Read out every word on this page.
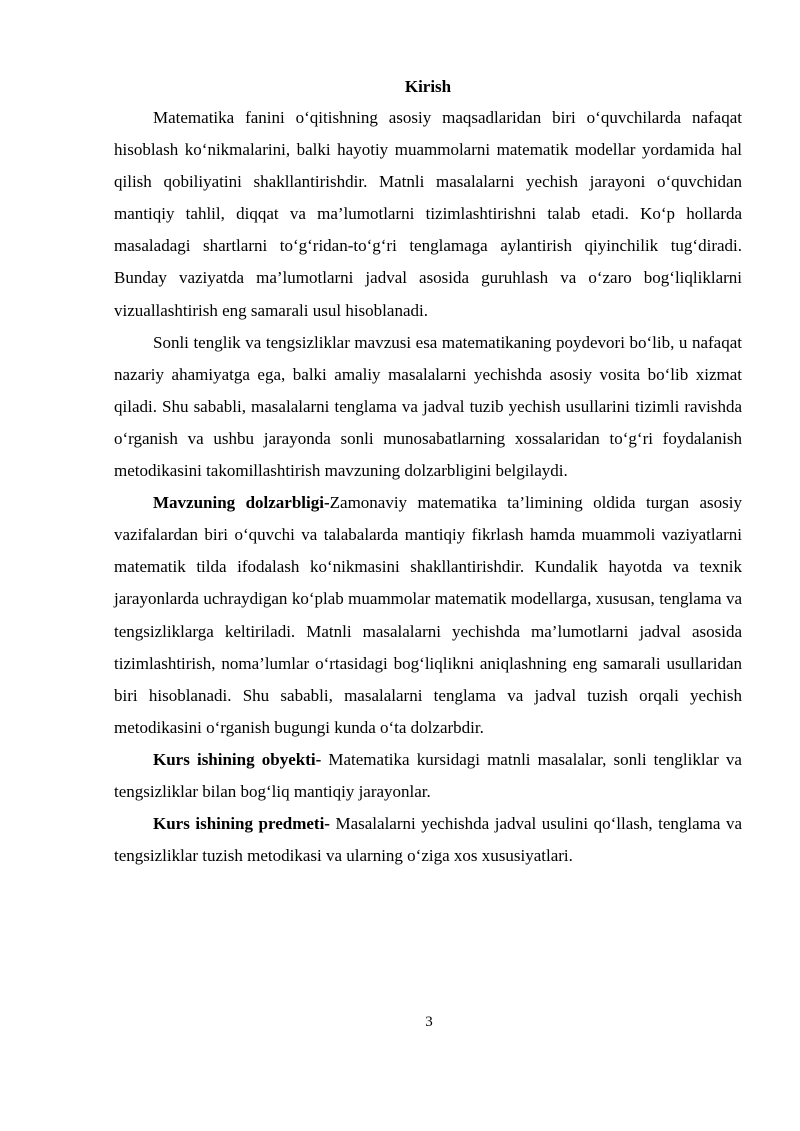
Kirish

Matematika fanini o‘qitishning asosiy maqsadlaridan biri o‘quvchilarda nafaqat hisoblash ko‘nikmalarini, balki hayotiy muammolarni matematik modellar yordamida hal qilish qobiliyatini shakllantirishdir. Matnli masalalarni yechish jarayoni o‘quvchidan mantiqiy tahlil, diqqat va ma’lumotlarni tizimlashtirishni talab etadi. Ko‘p hollarda masaladagi shartlarni to‘g‘ridan-to‘g‘ri tenglamaga aylantirish qiyinchilik tug‘diradi. Bunday vaziyatda ma’lumotlarni jadval asosida guruhlash va o‘zaro bog‘liqliklarni vizuallashtirish eng samarali usul hisoblanadi.

Sonli tenglik va tengsizliklar mavzusi esa matematikaning poydevori bo‘lib, u nafaqat nazariy ahamiyatga ega, balki amaliy masalalarni yechishda asosiy vosita bo‘lib xizmat qiladi. Shu sababli, masalalarni tenglama va jadval tuzib yechish usullarini tizimli ravishda o‘rganish va ushbu jarayonda sonli munosabatlarning xossalaridan to‘g‘ri foydalanish metodikasini takomillashtirish mavzuning dolzarbligini belgilaydi.

Mavzuning dolzarbligi-Zamonaviy matematika ta’limining oldida turgan asosiy vazifalardan biri o‘quvchi va talabalarda mantiqiy fikrlash hamda muammoli vaziyatlarni matematik tilda ifodalash ko‘nikmasini shakllantirishdir. Kundalik hayotda va texnik jarayonlarda uchraydigan ko‘plab muammolar matematik modellarga, xususan, tenglama va tengsizliklarga keltiriladi. Matnli masalalarni yechishda ma’lumotlarni jadval asosida tizimlashtirish, noma’lumlar o‘rtasidagi bog‘liqlikni aniqlashning eng samarali usullaridan biri hisoblanadi. Shu sababli, masalalarni tenglama va jadval tuzish orqali yechish metodikasini o‘rganish bugungi kunda o‘ta dolzarbdir.

Kurs ishining obyekti- Matematika kursidagi matnli masalalar, sonli tengliklar va tengsizliklar bilan bog‘liq mantiqiy jarayonlar.

Kurs ishining predmeti- Masalalarni yechishda jadval usulini qo‘llash, tenglama va tengsizliklar tuzish metodikasi va ularning o‘ziga xos xususiyatlari.

3
